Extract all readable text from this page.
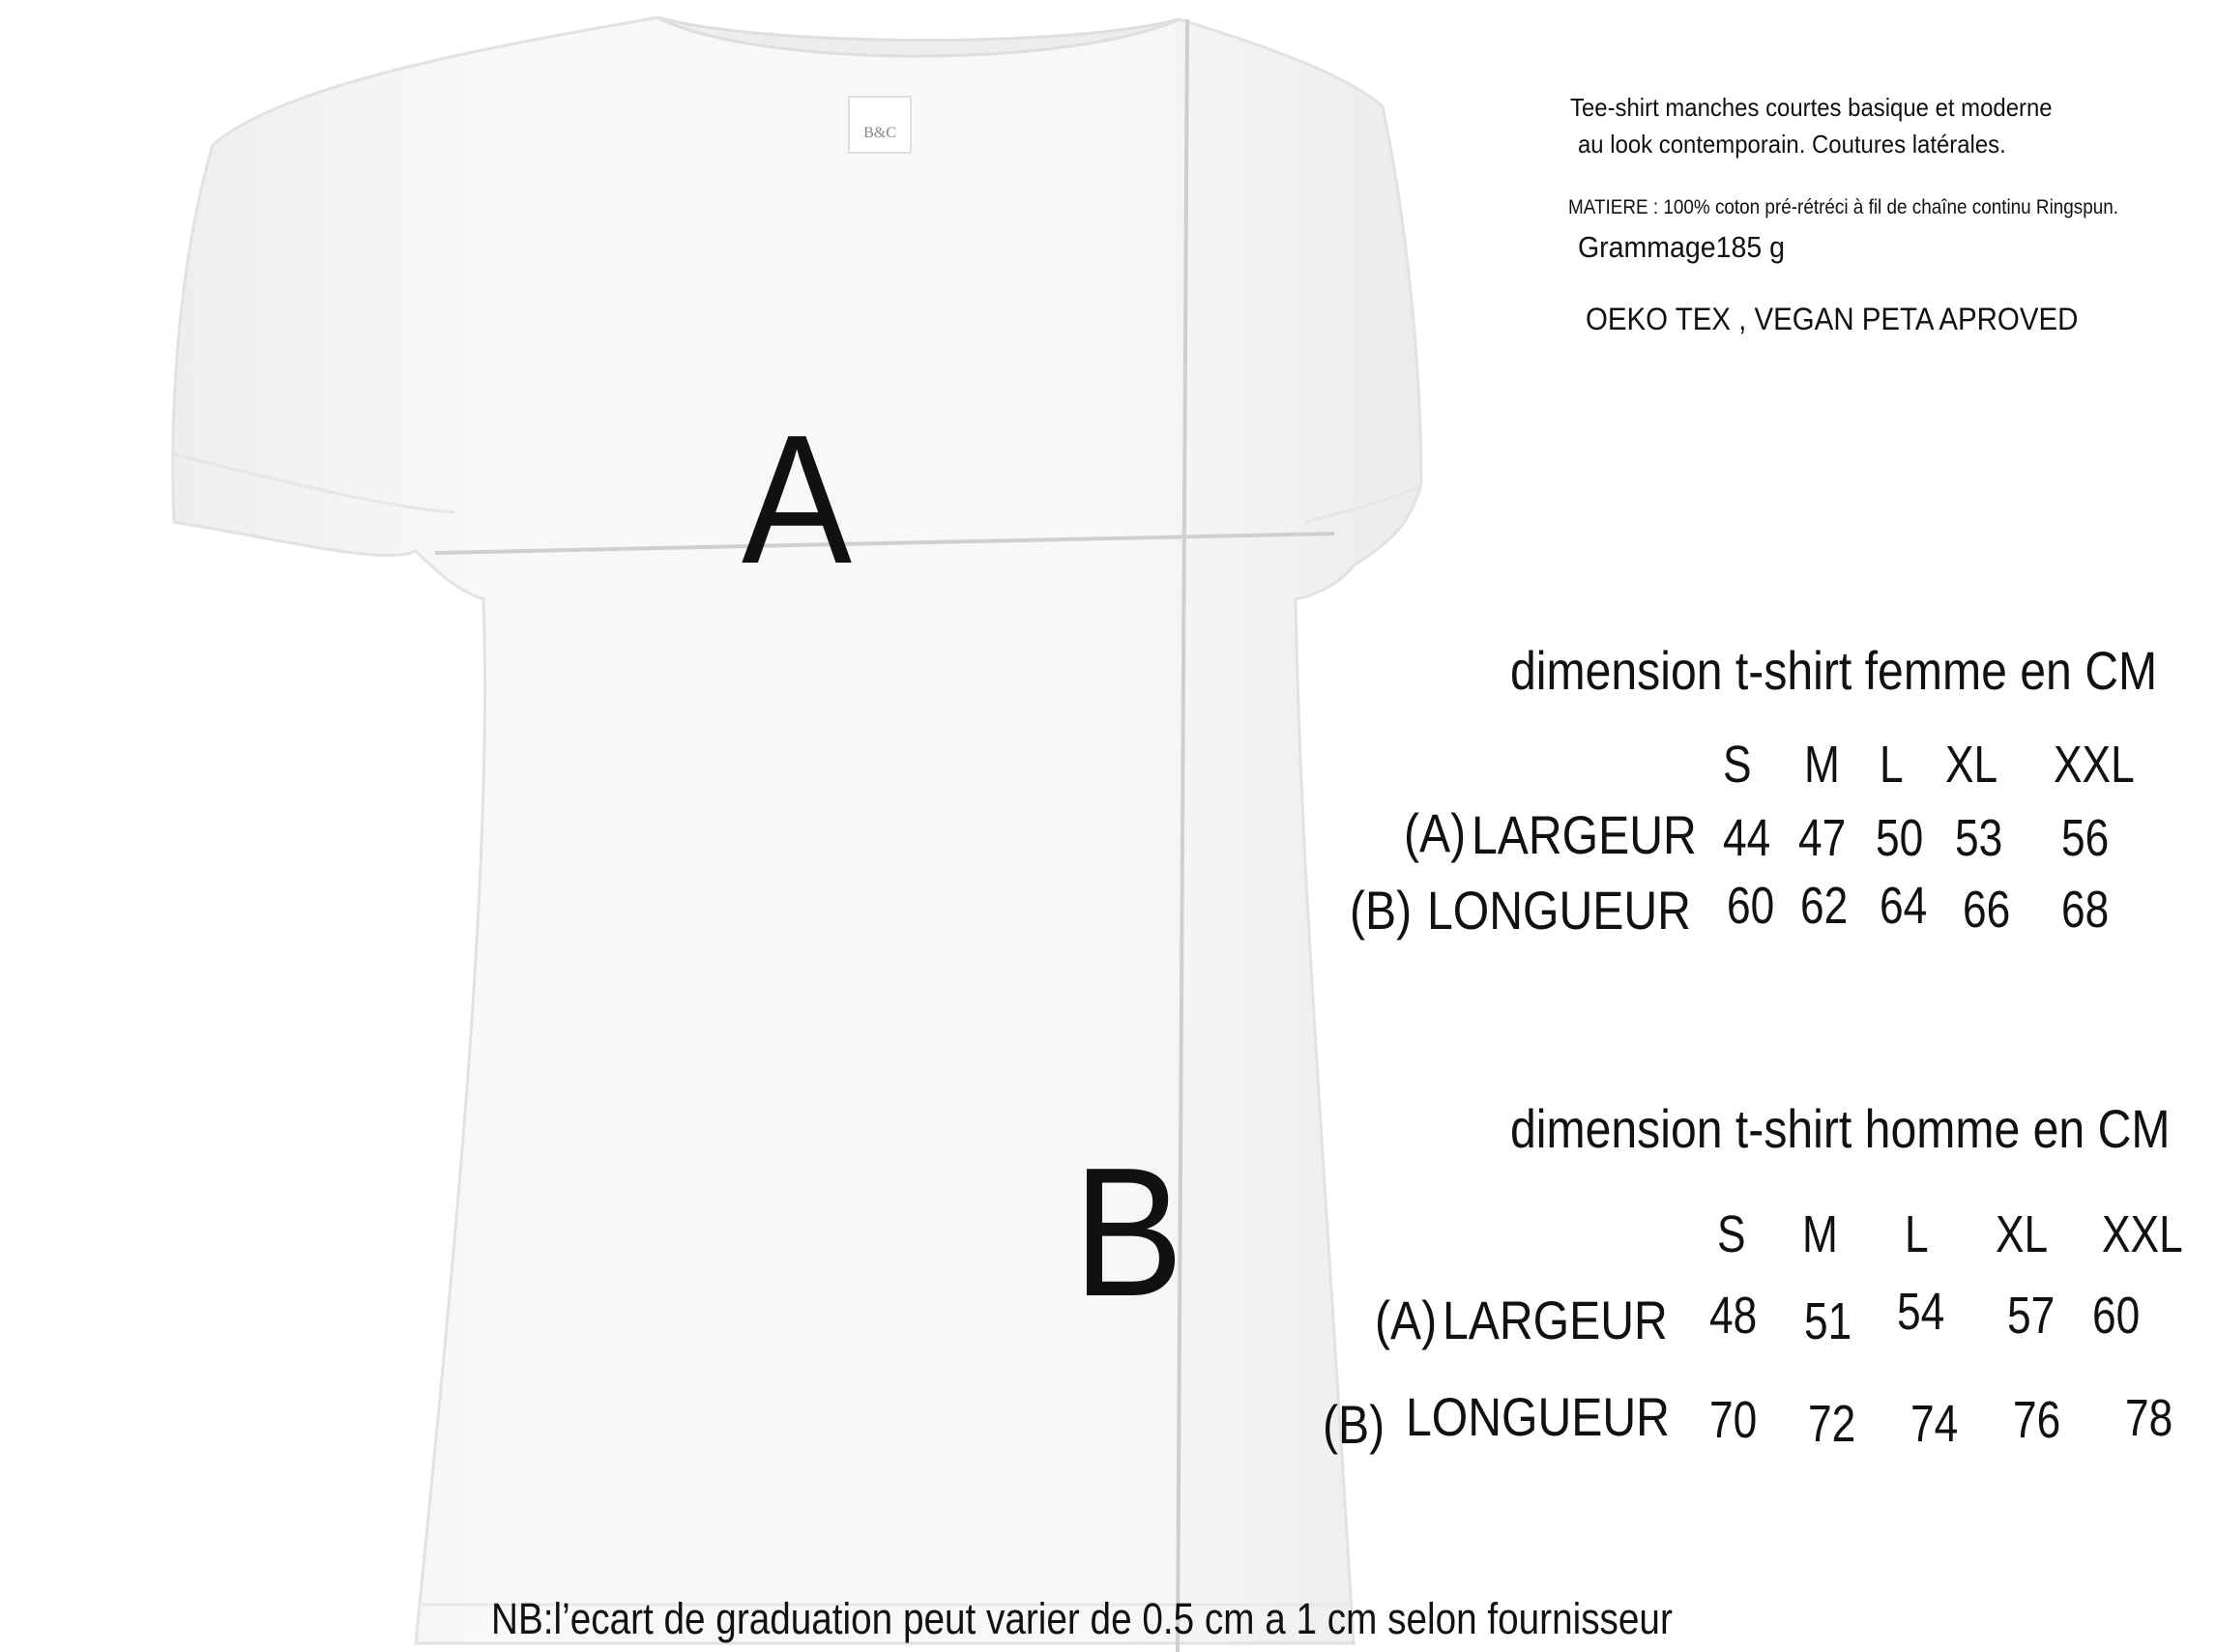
B&C
A
B
Tee-shirt manches courtes basique et moderne
au look contemporain. Coutures latérales.
MATIERE : 100% coton pré-rétréci à fil de chaîne continu Ringspun.
Grammage185 g
OEKO TEX , VEGAN PETA APROVED
dimension t-shirt femme en CM
S M L XL XXL
(A) LARGEUR 44 47 50 53 56
(B) LONGUEUR 60 62 64 66 68
dimension t-shirt homme en CM
S M L XL XXL
(A) LARGEUR 48 51 54 57 60
(B) LONGUEUR 70 72 74 76 78
NB:l’ecart de graduation peut varier de 0.5 cm a 1 cm selon fournisseur
